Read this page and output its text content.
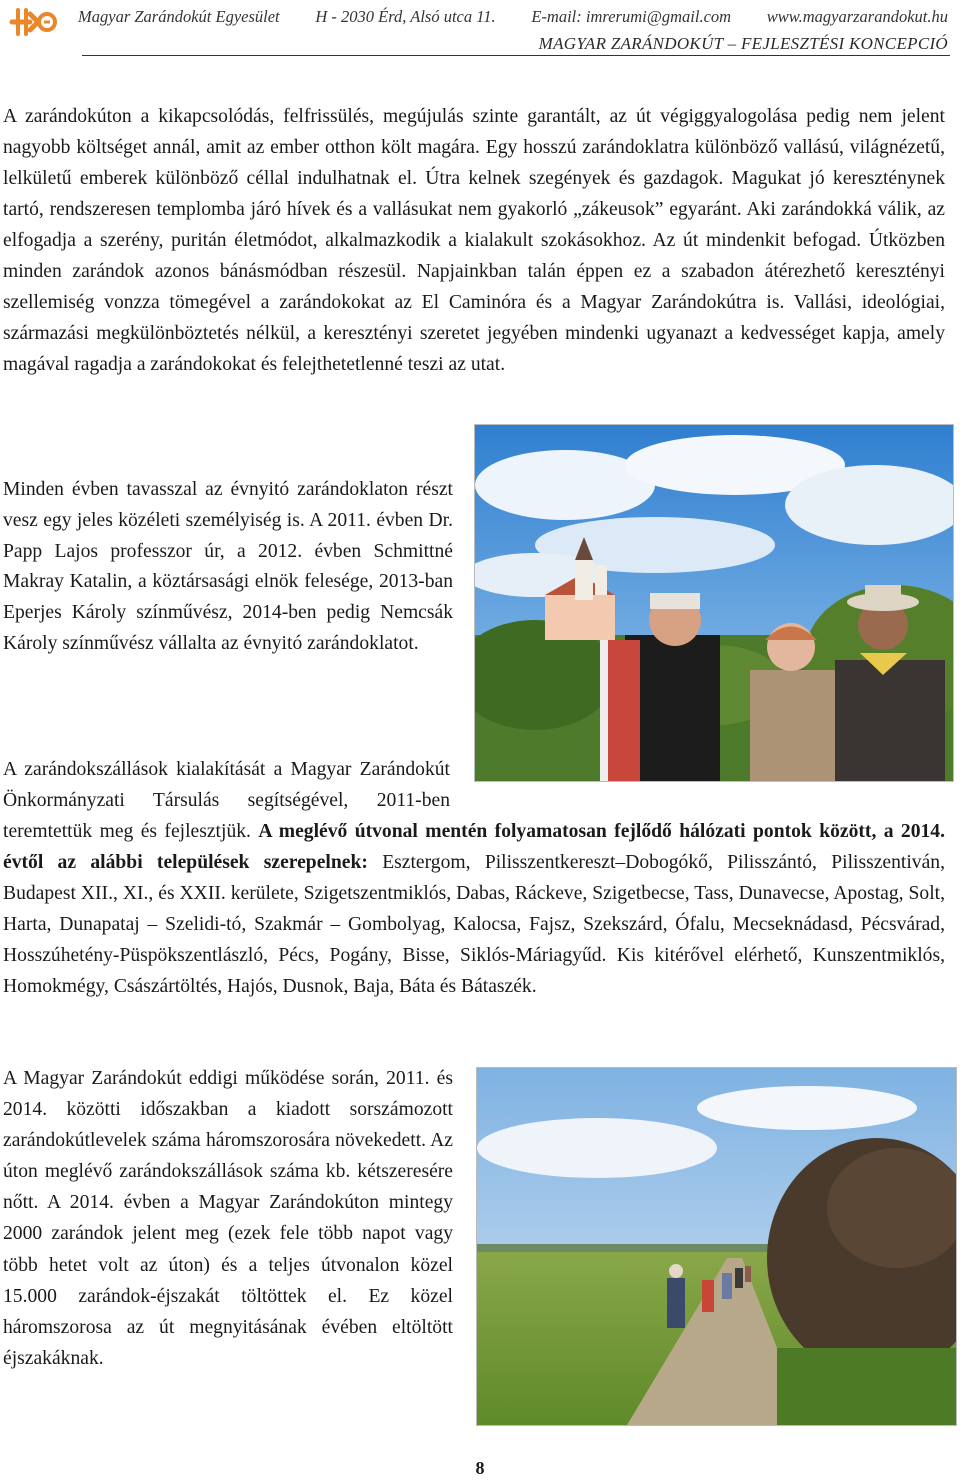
Magyar Zarándokút Egyesület H - 2030 Érd, Alsó utca 11. E-mail: imrerumi@gmail.com www.magyarzarandokut.hu
MAGYAR ZARÁNDOKÚT – FEJLESZTÉSI KONCEPCIÓ

A zarándokúton a kikapcsolódás, felfrissülés, megújulás szinte garantált, az út végiggyalogolása pedig nem jelent nagyobb költséget annál, amit az ember otthon költ magára. Egy hosszú zarándoklatra különböző vallású, világnézetű, lelkületű emberek különböző céllal indulhatnak el. Útra kelnek szegények és gazdagok. Magukat jó kereszténynek tartó, rendszeresen templomba járó hívek és a vallásukat nem gyakorló „zákeusok” egyaránt. Aki zarándokká válik, az elfogadja a szerény, puritán életmódot, alkalmazkodik a kialakult szokásokhoz. Az út mindenkit befogad. Útközben minden zarándok azonos bánásmódban részesül. Napjainkban talán éppen ez a szabadon átérezhető keresztényi szellemiség vonzza tömegével a zarándokokat az El Caminóra és a Magyar Zarándokútra is. Vallási, ideológiai, származási megkülönböztetés nélkül, a keresztényi szeretet jegyében mindenki ugyanazt a kedvességet kapja, amely magával ragadja a zarándokokat és felejthetetlenné teszi az utat.

Minden évben tavasszal az évnyitó zarándoklaton részt vesz egy jeles közéleti személyiség is. A 2011. évben Dr. Papp Lajos professzor úr, a 2012. évben Schmittné Makray Katalin, a köztársasági elnök felesége, 2013-ban Eperjes Károly színművész, 2014-ben pedig Nemcsák Károly színművész vállalta az évnyitó zarándoklatot.

A zarándokszállások kialakítását a Magyar Zarándokút Önkormányzati Társulás segítségével, 2011-ben teremtettük meg és fejlesztjük. A meglévő útvonal mentén folyamatosan fejlődő hálózati pontok között, a 2014. évtől az alábbi települések szerepelnek: Esztergom, Pilisszentkereszt–Dobogókő, Pilisszántó, Pilisszentiván, Budapest XII., XI., és XXII. kerülete, Szigetszentmiklós, Dabas, Ráckeve, Szigetbecse, Tass, Dunavecse, Apostag, Solt, Harta, Dunapataj – Szelidi-tó, Szakmár – Gombolyag, Kalocsa, Fajsz, Szekszárd, Ófalu, Mecseknádasd, Pécsvárad, Hosszúhetény-Püspökszentlászló, Pécs, Pogány, Bisse, Siklós-Máriagyűd. Kis kitérővel elérhető, Kunszentmiklós, Homokmégy, Császártöltés, Hajós, Dusnok, Baja, Báta és Bátaszék.

A Magyar Zarándokút eddigi működése során, 2011. és 2014. közötti időszakban a kiadott sorszámozott zarándokútlevelek száma háromszorosára növekedett. Az úton meglévő zarándokszállások száma kb. kétszeresére nőtt. A 2014. évben a Magyar Zarándokúton mintegy 2000 zarándok jelent meg (ezek fele több napot vagy több hetet volt az úton) és a teljes útvonalon közel 15.000 zarándok-éjszakát töltöttek el. Ez közel háromszorosa az út megnyitásának évében eltöltött éjszakáknak.

8
